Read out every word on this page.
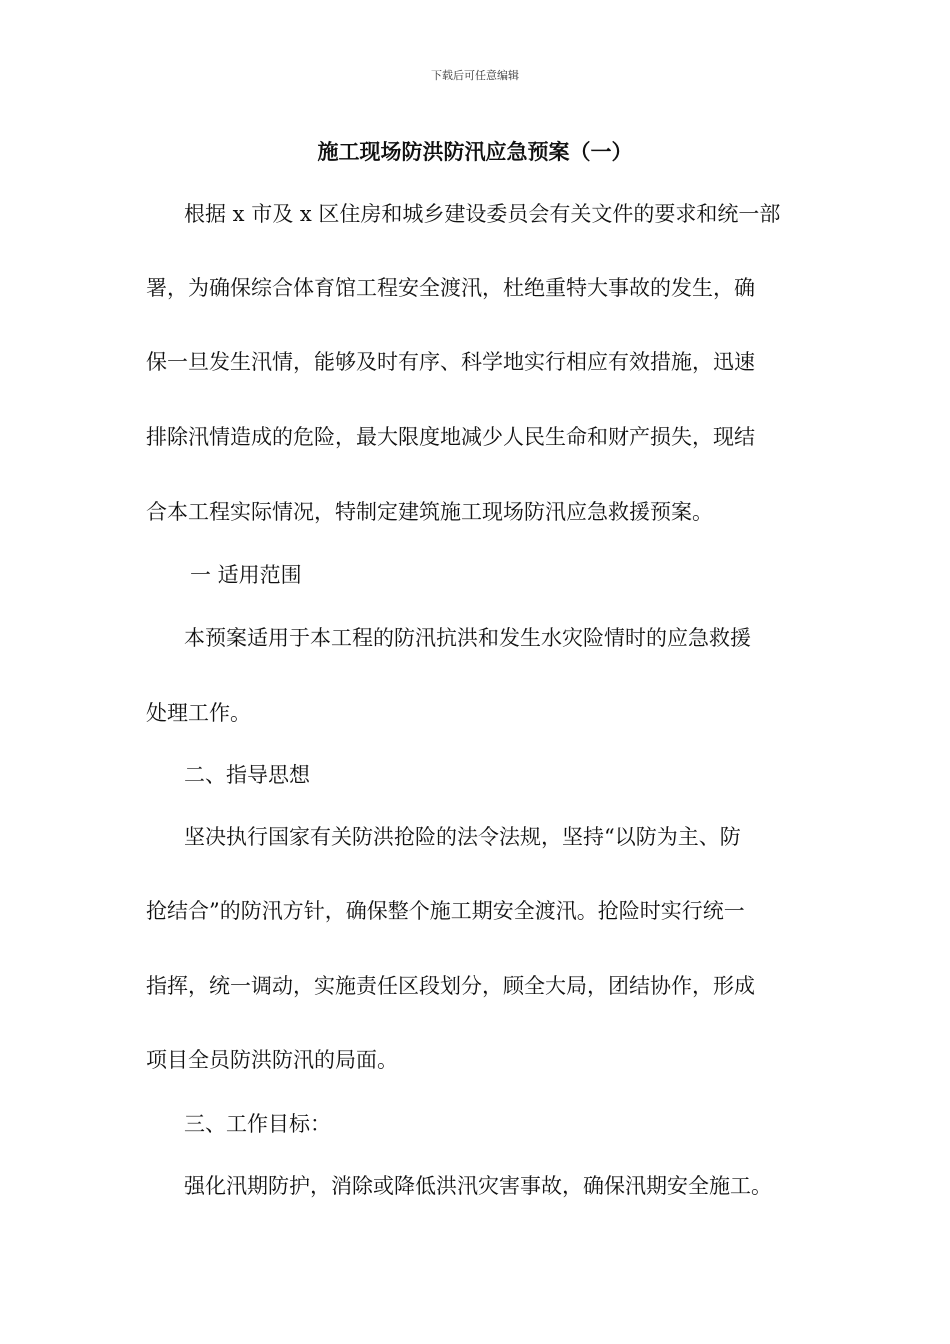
下载后可任意编辑
施工现场防洪防汛应急预案（一）
根据 x 市及 x 区住房和城乡建设委员会有关文件的要求和统一部
署，为确保综合体育馆工程安全渡汛，杜绝重特大事故的发生，确
保一旦发生汛情，能够及时有序、科学地实行相应有效措施，迅速
排除汛情造成的危险，最大限度地减少人民生命和财产损失，现结
合本工程实际情况，特制定建筑施工现场防汛应急救援预案。
一 适用范围
本预案适用于本工程的防汛抗洪和发生水灾险情时的应急救援
处理工作。
二、指导思想
坚决执行国家有关防洪抢险的法令法规，坚持“以防为主、防
抢结合”的防汛方针，确保整个施工期安全渡汛。抢险时实行统一
指挥，统一调动，实施责任区段划分，顾全大局，团结协作，形成
项目全员防洪防汛的局面。
三、工作目标：
强化汛期防护，消除或降低洪汛灾害事故，确保汛期安全施工。
